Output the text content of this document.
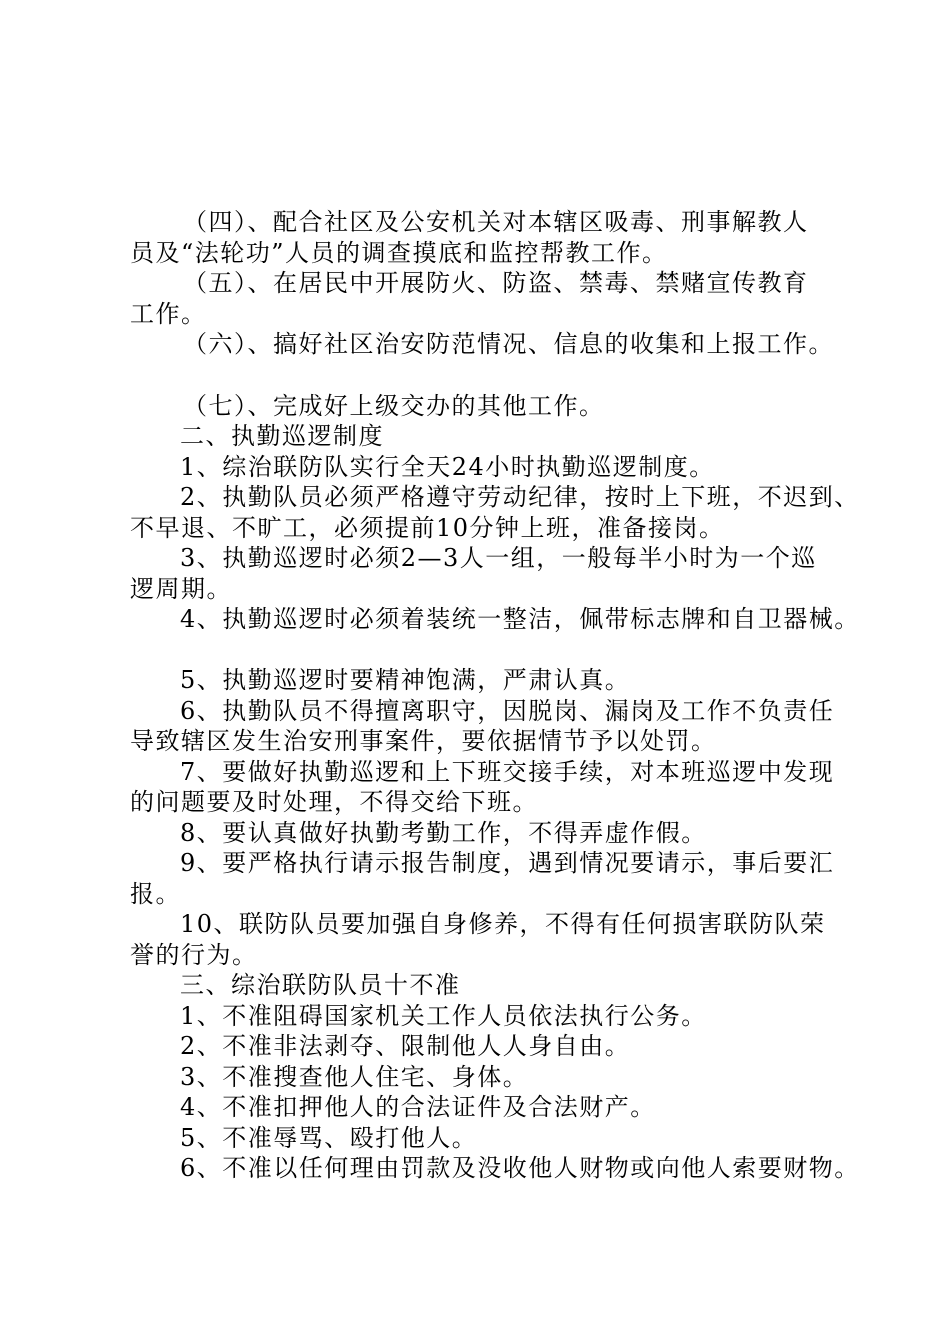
（四）、配合社区及公安机关对本辖区吸毒、刑事解教人
员及“法轮功”人员的调查摸底和监控帮教工作。
（五）、在居民中开展防火、防盗、禁毒、禁赌宣传教育
工作。
（六）、搞好社区治安防范情况、信息的收集和上报工作。
（七）、完成好上级交办的其他工作。
二、执勤巡逻制度
1、综治联防队实行全天24小时执勤巡逻制度。
2、执勤队员必须严格遵守劳动纪律，按时上下班，不迟到、
不早退、不旷工，必须提前10分钟上班，准备接岗。
3、执勤巡逻时必须2—3人一组，一般每半小时为一个巡
逻周期。
4、执勤巡逻时必须着装统一整洁，佩带标志牌和自卫器械。
5、执勤巡逻时要精神饱满，严肃认真。
6、执勤队员不得擅离职守，因脱岗、漏岗及工作不负责任
导致辖区发生治安刑事案件，要依据情节予以处罚。
7、要做好执勤巡逻和上下班交接手续，对本班巡逻中发现
的问题要及时处理，不得交给下班。
8、要认真做好执勤考勤工作，不得弄虚作假。
9、要严格执行请示报告制度，遇到情况要请示，事后要汇
报。
10、联防队员要加强自身修养，不得有任何损害联防队荣
誉的行为。
三、综治联防队员十不准
1、不准阻碍国家机关工作人员依法执行公务。
2、不准非法剥夺、限制他人人身自由。
3、不准搜查他人住宅、身体。
4、不准扣押他人的合法证件及合法财产。
5、不准辱骂、殴打他人。
6、不准以任何理由罚款及没收他人财物或向他人索要财物。
